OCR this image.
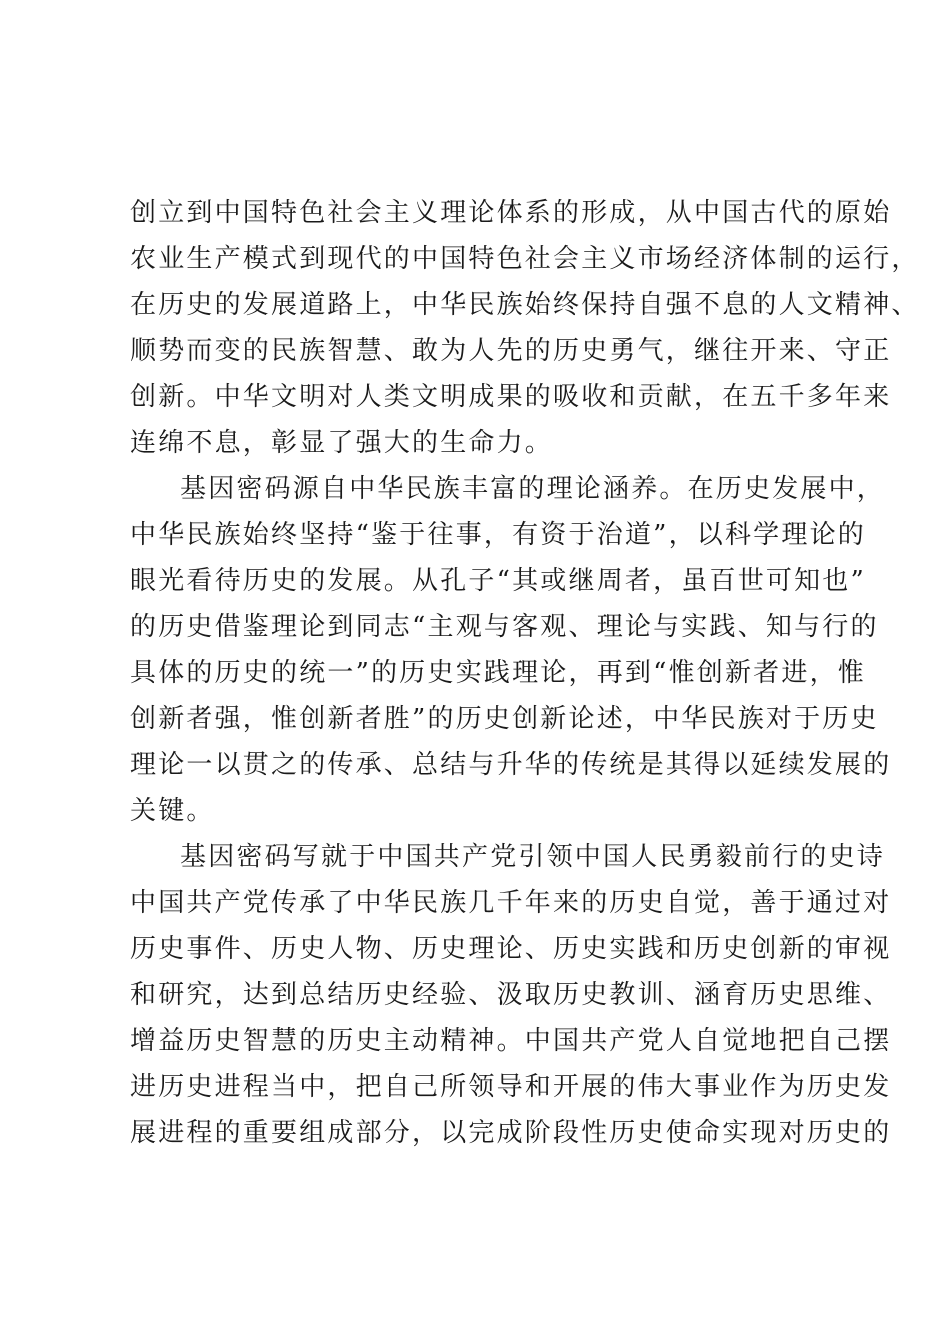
创立到中国特色社会主义理论体系的形成，从中国古代的原始
农业生产模式到现代的中国特色社会主义市场经济体制的运行，
在历史的发展道路上，中华民族始终保持自强不息的人文精神、
顺势而变的民族智慧、敢为人先的历史勇气，继往开来、守正
创新。中华文明对人类文明成果的吸收和贡献，在五千多年来
连绵不息，彰显了强大的生命力。
基因密码源自中华民族丰富的理论涵养。在历史发展中，
中华民族始终坚持“鉴于往事，有资于治道”，以科学理论的
眼光看待历史的发展。从孔子“其或继周者，虽百世可知也”
的历史借鉴理论到同志“主观与客观、理论与实践、知与行的
具体的历史的统一”的历史实践理论，再到“惟创新者进，惟
创新者强，惟创新者胜”的历史创新论述，中华民族对于历史
理论一以贯之的传承、总结与升华的传统是其得以延续发展的
关键。
基因密码写就于中国共产党引领中国人民勇毅前行的史诗
中国共产党传承了中华民族几千年来的历史自觉，善于通过对
历史事件、历史人物、历史理论、历史实践和历史创新的审视
和研究，达到总结历史经验、汲取历史教训、涵育历史思维、
增益历史智慧的历史主动精神。中国共产党人自觉地把自己摆
进历史进程当中，把自己所领导和开展的伟大事业作为历史发
展进程的重要组成部分，以完成阶段性历史使命实现对历史的
